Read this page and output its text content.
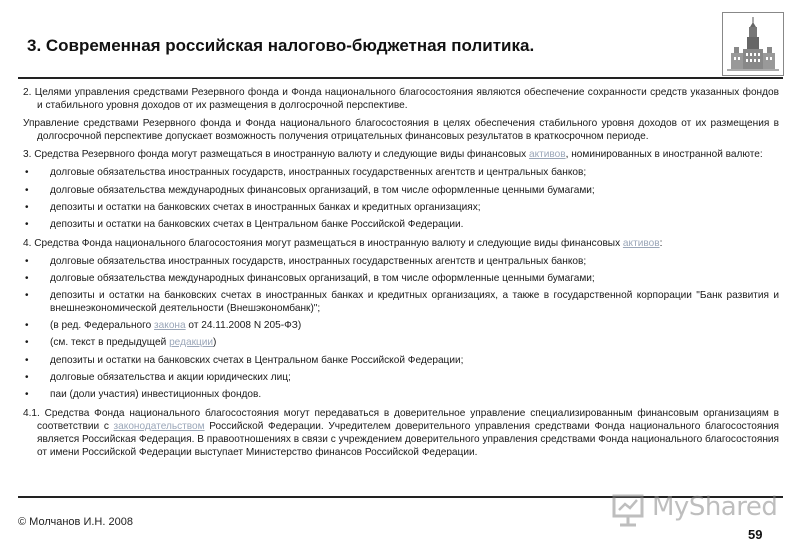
3. Современная российская налогово-бюджетная политика.

2. Целями управления средствами Резервного фонда и Фонда национального благосостояния являются обеспечение сохранности средств указанных фондов и стабильного уровня доходов от их размещения в долгосрочной перспективе.

Управление средствами Резервного фонда и Фонда национального благосостояния в целях обеспечения стабильного уровня доходов от их размещения в долгосрочной перспективе допускает возможность получения отрицательных финансовых результатов в краткосрочном периоде.

3. Средства Резервного фонда могут размещаться в иностранную валюту и следующие виды финансовых активов, номинированных в иностранной валюте:

• долговые обязательства иностранных государств, иностранных государственных агентств и центральных банков;
• долговые обязательства международных финансовых организаций, в том числе оформленные ценными бумагами;
• депозиты и остатки на банковских счетах в иностранных банках и кредитных организациях;
• депозиты и остатки на банковских счетах в Центральном банке Российской Федерации.

4. Средства Фонда национального благосостояния могут размещаться в иностранную валюту и следующие виды финансовых активов:

• долговые обязательства иностранных государств, иностранных государственных агентств и центральных банков;
• долговые обязательства международных финансовых организаций, в том числе оформленные ценными бумагами;
• депозиты и остатки на банковских счетах в иностранных банках и кредитных организациях, а также в государственной корпорации "Банк развития и внешнеэкономической деятельности (Внешэкономбанк)";
• (в ред. Федерального закона от 24.11.2008 N 205-ФЗ)
• (см. текст в предыдущей редакции)
• депозиты и остатки на банковских счетах в Центральном банке Российской Федерации;
• долговые обязательства и акции юридических лиц;
• паи (доли участия) инвестиционных фондов.

4.1. Средства Фонда национального благосостояния могут передаваться в доверительное управление специализированным финансовым организациям в соответствии с законодательством Российской Федерации. Учредителем доверительного управления средствами Фонда национального благосостояния является Российская Федерация. В правоотношениях в связи с учреждением доверительного управления средствами Фонда национального благосостояния от имени Российской Федерации выступает Министерство финансов Российской Федерации.

© Молчанов И.Н. 2008	MyShared
59
